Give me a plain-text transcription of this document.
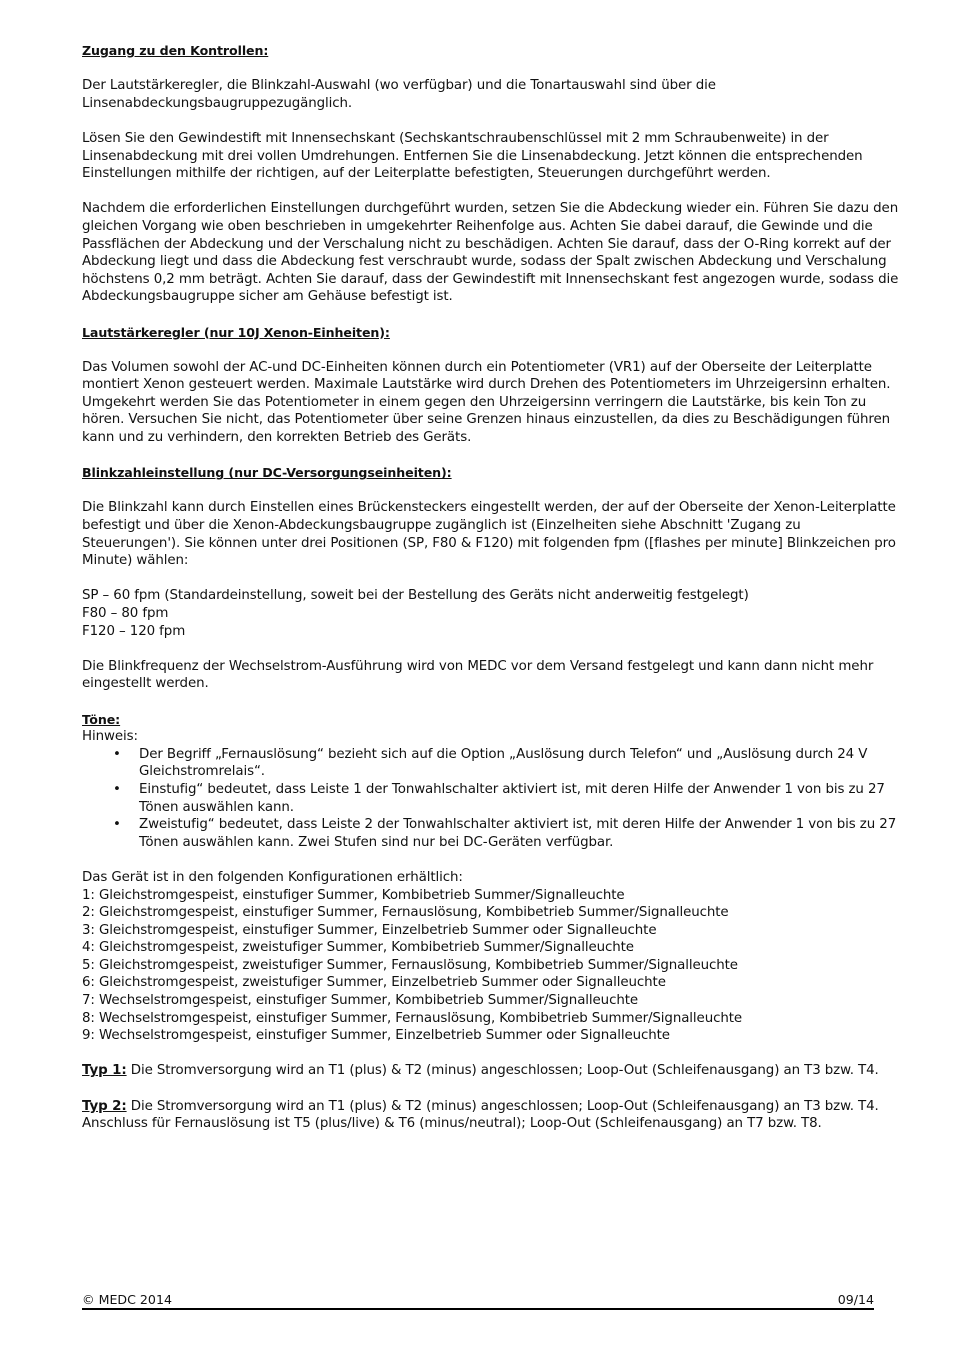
Zugang zu den Kontrollen:

Der Lautstärkeregler, die Blinkzahl-Auswahl (wo verfügbar) und die Tonartauswahl sind über die Linsenabdeckungsbaugruppezugänglich.

Lösen Sie den Gewindestift mit Innensechskant (Sechskantschraubenschlüssel mit 2 mm Schraubenweite) in der Linsenabdeckung mit drei vollen Umdrehungen. Entfernen Sie die Linsenabdeckung. Jetzt können die entsprechenden Einstellungen mithilfe der richtigen, auf der Leiterplatte befestigten, Steuerungen durchgeführt werden.

Nachdem die erforderlichen Einstellungen durchgeführt wurden, setzen Sie die Abdeckung wieder ein. Führen Sie dazu den gleichen Vorgang wie oben beschrieben in umgekehrter Reihenfolge aus. Achten Sie dabei darauf, die Gewinde und die Passflächen der Abdeckung und der Verschalung nicht zu beschädigen. Achten Sie darauf, dass der O-Ring korrekt auf der Abdeckung liegt und dass die Abdeckung fest verschraubt wurde, sodass der Spalt zwischen Abdeckung und Verschalung höchstens 0,2 mm beträgt. Achten Sie darauf, dass der Gewindestift mit Innensechskant fest angezogen wurde, sodass die Abdeckungsbaugruppe sicher am Gehäuse befestigt ist.

Lautstärkeregler (nur 10J Xenon-Einheiten):

Das Volumen sowohl der AC-und DC-Einheiten können durch ein Potentiometer (VR1) auf der Oberseite der Leiterplatte montiert Xenon gesteuert werden. Maximale Lautstärke wird durch Drehen des Potentiometers im Uhrzeigersinn erhalten. Umgekehrt werden Sie das Potentiometer in einem gegen den Uhrzeigersinn verringern die Lautstärke, bis kein Ton zu hören. Versuchen Sie nicht, das Potentiometer über seine Grenzen hinaus einzustellen, da dies zu Beschädigungen führen kann und zu verhindern, den korrekten Betrieb des Geräts.

Blinkzahleinstellung (nur DC-Versorgungseinheiten):

Die Blinkzahl kann durch Einstellen eines Brückensteckers eingestellt werden, der auf der Oberseite der Xenon-Leiterplatte befestigt und über die Xenon-Abdeckungsbaugruppe zugänglich ist (Einzelheiten siehe Abschnitt 'Zugang zu Steuerungen'). Sie können unter drei Positionen (SP, F80 & F120) mit folgenden fpm ([flashes per minute] Blinkzeichen pro Minute) wählen:

SP – 60 fpm (Standardeinstellung, soweit bei der Bestellung des Geräts nicht anderweitig festgelegt)
F80 – 80 fpm
F120 – 120 fpm

Die Blinkfrequenz der Wechselstrom-Ausführung wird von MEDC vor dem Versand festgelegt und kann dann nicht mehr eingestellt werden.

Töne:

Hinweis:

• Der Begriff „Fernauslösung“ bezieht sich auf die Option „Auslösung durch Telefon“ und „Auslösung durch 24 V Gleichstromrelais“.
• Einstufig“ bedeutet, dass Leiste 1 der Tonwahlschalter aktiviert ist, mit deren Hilfe der Anwender 1 von bis zu 27 Tönen auswählen kann.
• Zweistufig“ bedeutet, dass Leiste 2 der Tonwahlschalter aktiviert ist, mit deren Hilfe der Anwender 1 von bis zu 27 Tönen auswählen kann. Zwei Stufen sind nur bei DC-Geräten verfügbar.
Das Gerät ist in den folgenden Konfigurationen erhältlich:
1: Gleichstromgespeist, einstufiger Summer, Kombibetrieb Summer/Signalleuchte
2: Gleichstromgespeist, einstufiger Summer, Fernauslösung, Kombibetrieb Summer/Signalleuchte
3: Gleichstromgespeist, einstufiger Summer, Einzelbetrieb Summer oder Signalleuchte
4: Gleichstromgespeist, zweistufiger Summer, Kombibetrieb Summer/Signalleuchte
5: Gleichstromgespeist, zweistufiger Summer, Fernauslösung, Kombibetrieb Summer/Signalleuchte
6: Gleichstromgespeist, zweistufiger Summer, Einzelbetrieb Summer oder Signalleuchte
7: Wechselstromgespeist, einstufiger Summer, Kombibetrieb Summer/Signalleuchte
8: Wechselstromgespeist, einstufiger Summer, Fernauslösung, Kombibetrieb Summer/Signalleuchte
9: Wechselstromgespeist, einstufiger Summer, Einzelbetrieb Summer oder Signalleuchte

Typ 1: Die Stromversorgung wird an T1 (plus) & T2 (minus) angeschlossen; Loop-Out (Schleifenausgang) an T3 bzw. T4.

Typ 2: Die Stromversorgung wird an T1 (plus) & T2 (minus) angeschlossen; Loop-Out (Schleifenausgang) an T3 bzw. T4. Anschluss für Fernauslösung ist T5 (plus/live) & T6 (minus/neutral); Loop-Out (Schleifenausgang) an T7 bzw. T8.

© MEDC 2014	09/14
